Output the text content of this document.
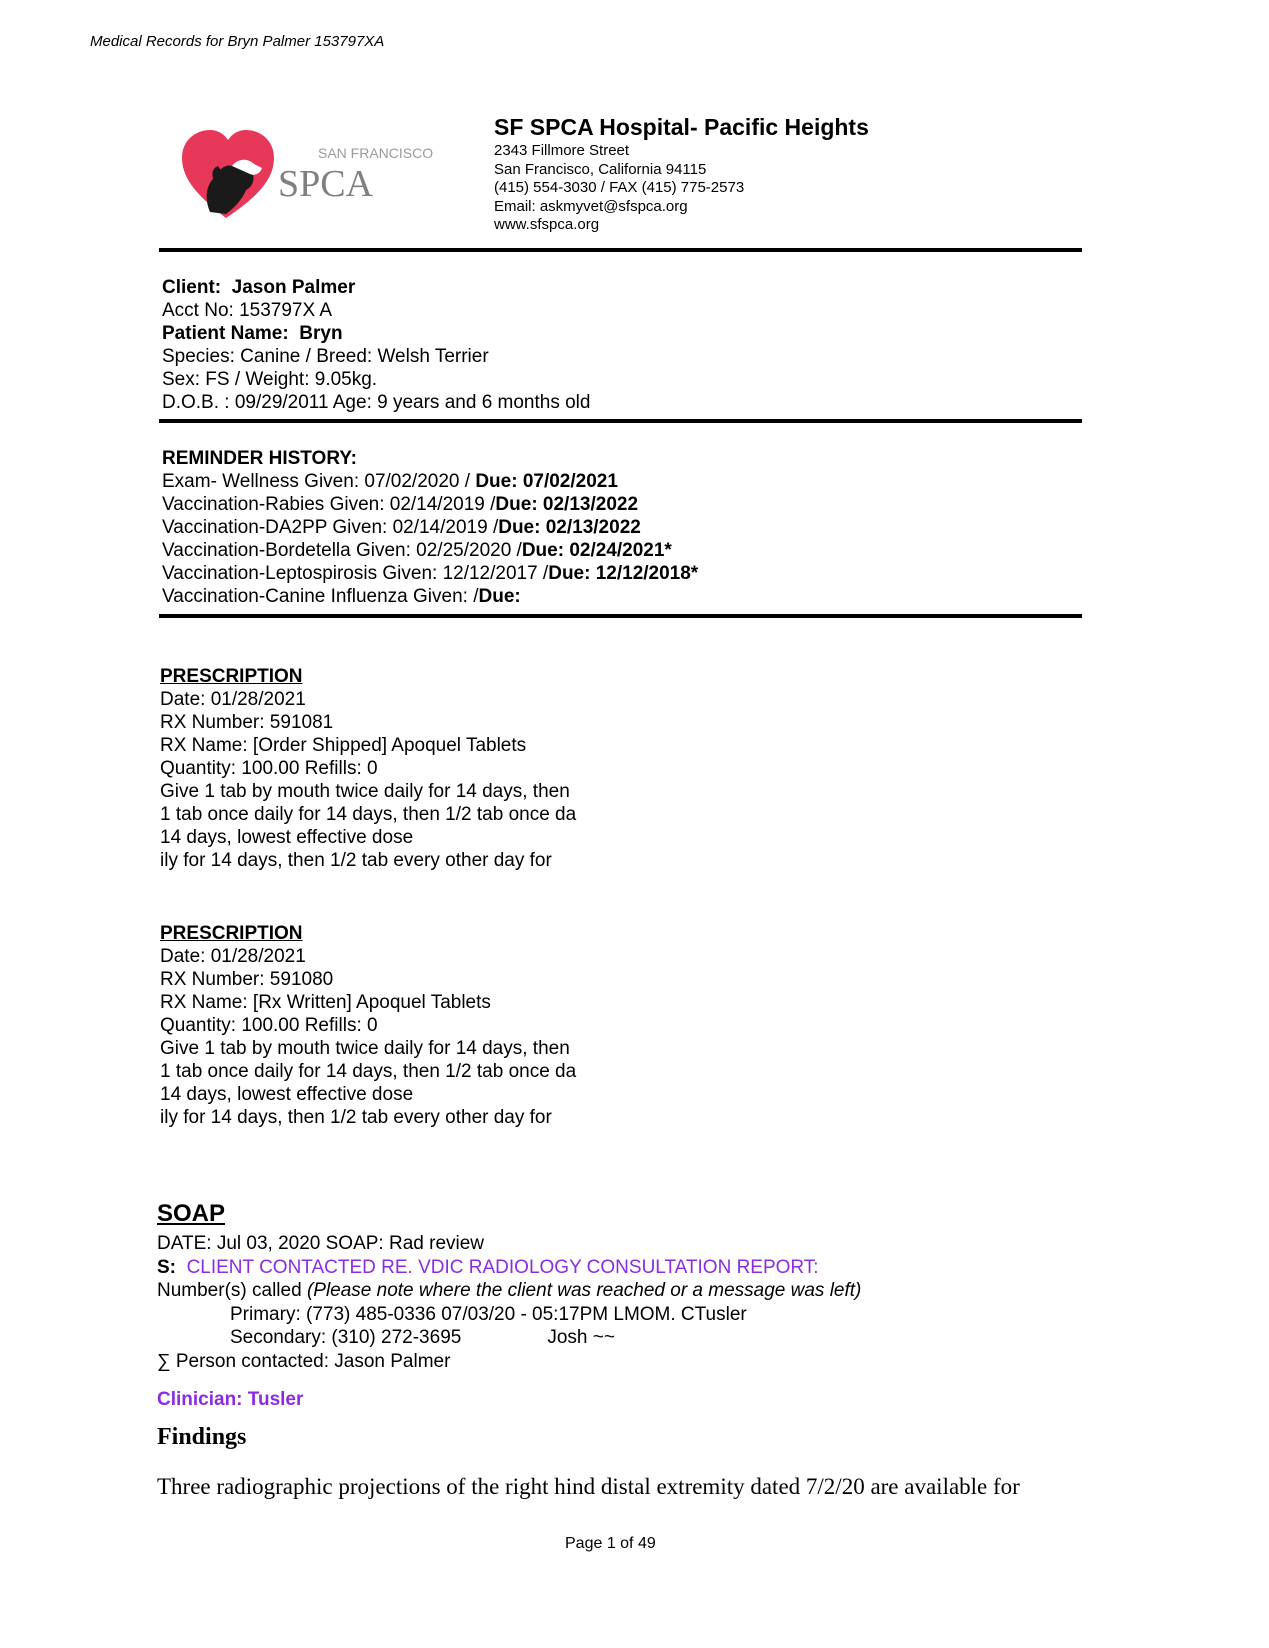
Medical Records for Bryn Palmer 153797XA
SAN FRANCISCO
SPCA
SF SPCA Hospital- Pacific Heights
2343 Fillmore Street
San Francisco, California 94115
(415) 554-3030 / FAX (415) 775-2573
Email: askmyvet@sfspca.org
www.sfspca.org
Client: Jason Palmer
Acct No: 153797X A
Patient Name: Bryn
Species: Canine / Breed: Welsh Terrier
Sex: FS / Weight: 9.05kg.
D.O.B. : 09/29/2011 Age: 9 years and 6 months old
REMINDER HISTORY:
Exam- Wellness Given: 07/02/2020 / Due: 07/02/2021
Vaccination-Rabies Given: 02/14/2019 /Due: 02/13/2022
Vaccination-DA2PP Given: 02/14/2019 /Due: 02/13/2022
Vaccination-Bordetella Given: 02/25/2020 /Due: 02/24/2021*
Vaccination-Leptospirosis Given: 12/12/2017 /Due: 12/12/2018*
Vaccination-Canine Influenza Given: /Due:
PRESCRIPTION
Date: 01/28/2021
RX Number: 591081
RX Name: [Order Shipped] Apoquel Tablets
Quantity: 100.00 Refills: 0
Give 1 tab by mouth twice daily for 14 days, then
1 tab once daily for 14 days, then 1/2 tab once da
14 days, lowest effective dose
ily for 14 days, then 1/2 tab every other day for
PRESCRIPTION
Date: 01/28/2021
RX Number: 591080
RX Name: [Rx Written] Apoquel Tablets
Quantity: 100.00 Refills: 0
Give 1 tab by mouth twice daily for 14 days, then
1 tab once daily for 14 days, then 1/2 tab once da
14 days, lowest effective dose
ily for 14 days, then 1/2 tab every other day for
SOAP
DATE: Jul 03, 2020 SOAP: Rad review
S: CLIENT CONTACTED RE. VDIC RADIOLOGY CONSULTATION REPORT:
Number(s) called (Please note where the client was reached or a message was left)
Primary: (773) 485-0336 07/03/20 - 05:17PM LMOM. CTusler
Secondary: (310) 272-3695	Josh ~~
∑ Person contacted: Jason Palmer
Clinician: Tusler
Findings
Three radiographic projections of the right hind distal extremity dated 7/2/20 are available for
Page 1 of 49
